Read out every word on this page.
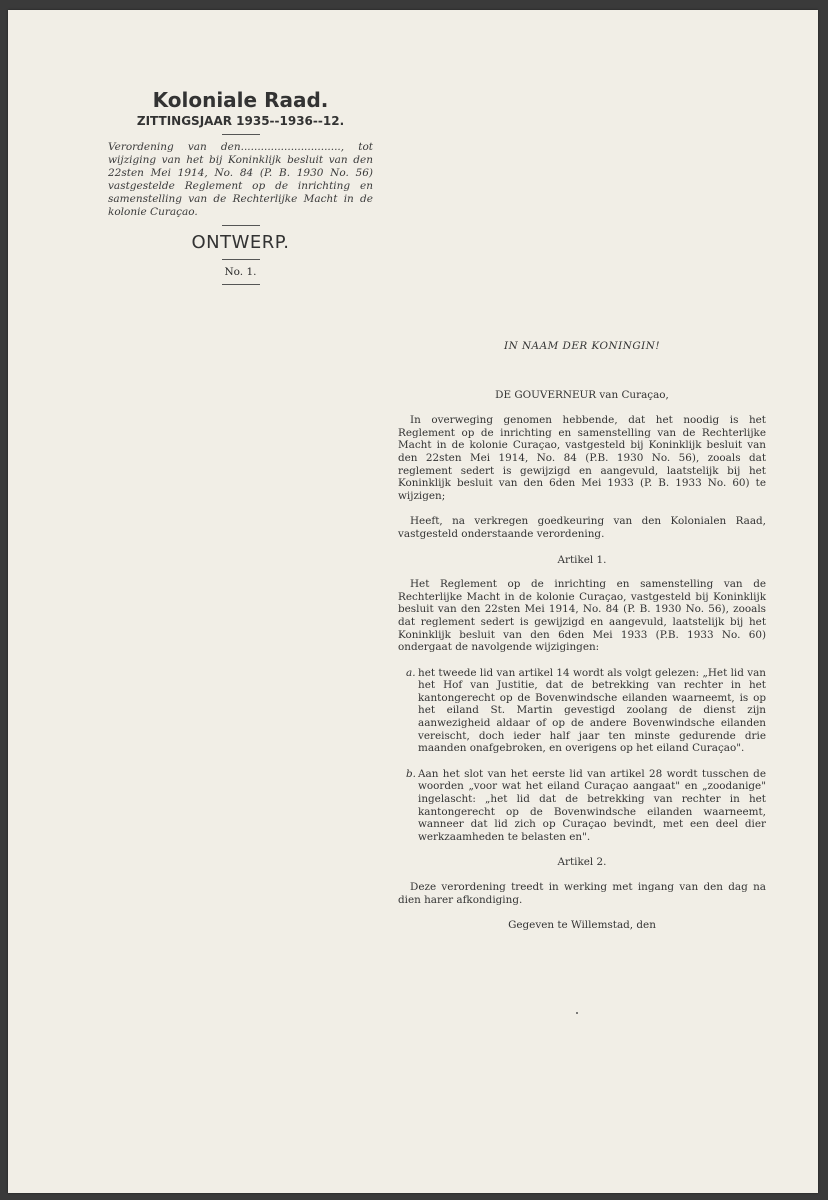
Koloniale Raad.
ZITTINGSJAAR 1935--1936--12.

Verordening van den.............................., tot wijziging van het bij Koninklijk besluit van den 22sten Mei 1914, No. 84 (P. B. 1930 No. 56) vastgestelde Reglement op de inrichting en samenstelling van de Rechterlijke Macht in de kolonie Curaçao.

ONTWERP.
No. 1.
IN NAAM DER KONINGIN!
DE GOUVERNEUR van Curaçao,

In overweging genomen hebbende, dat het noodig is het Reglement op de inrichting en samenstelling van de Rechterlijke Macht in de kolonie Curaçao, vastgesteld bij Koninklijk besluit van den 22sten Mei 1914, No. 84 (P.B. 1930 No. 56), zooals dat reglement sedert is gewijzigd en aangevuld, laatstelijk bij het Koninklijk besluit van den 6den Mei 1933 (P. B. 1933 No. 60) te wijzigen;

Heeft, na verkregen goedkeuring van den Kolonialen Raad, vastgesteld onderstaande verordening.

Artikel 1.

Het Reglement op de inrichting en samenstelling van de Rechterlijke Macht in de kolonie Curaçao, vastgesteld bij Koninklijk besluit van den 22sten Mei 1914, No. 84 (P. B. 1930 No. 56), zooals dat reglement sedert is gewijzigd en aangevuld, laatstelijk bij het Koninklijk besluit van den 6den Mei 1933 (P.B. 1933 No. 60) ondergaat de navolgende wijzigingen:

a. het tweede lid van artikel 14 wordt als volgt gelezen: „Het lid van het Hof van Justitie, dat de betrekking van rechter in het kantongerecht op de Bovenwindsche eilanden waarneemt, is op het eiland St. Martin gevestigd zoolang de dienst zijn aanwezigheid aldaar of op de andere Bovenwindsche eilanden vereischt, doch ieder half jaar ten minste gedurende drie maanden onafgebroken, en overigens op het eiland Curaçao".
b. Aan het slot van het eerste lid van artikel 28 wordt tusschen de woorden „voor wat het eiland Curaçao aangaat" en „zoodanige" ingelascht: „het lid dat de betrekking van rechter in het kantongerecht op de Bovenwindsche eilanden waarneemt, wanneer dat lid zich op Curaçao bevindt, met een deel dier werkzaamheden te belasten en".
Artikel 2.

Deze verordening treedt in werking met ingang van den dag na dien harer afkondiging.

Gegeven te Willemstad, den
